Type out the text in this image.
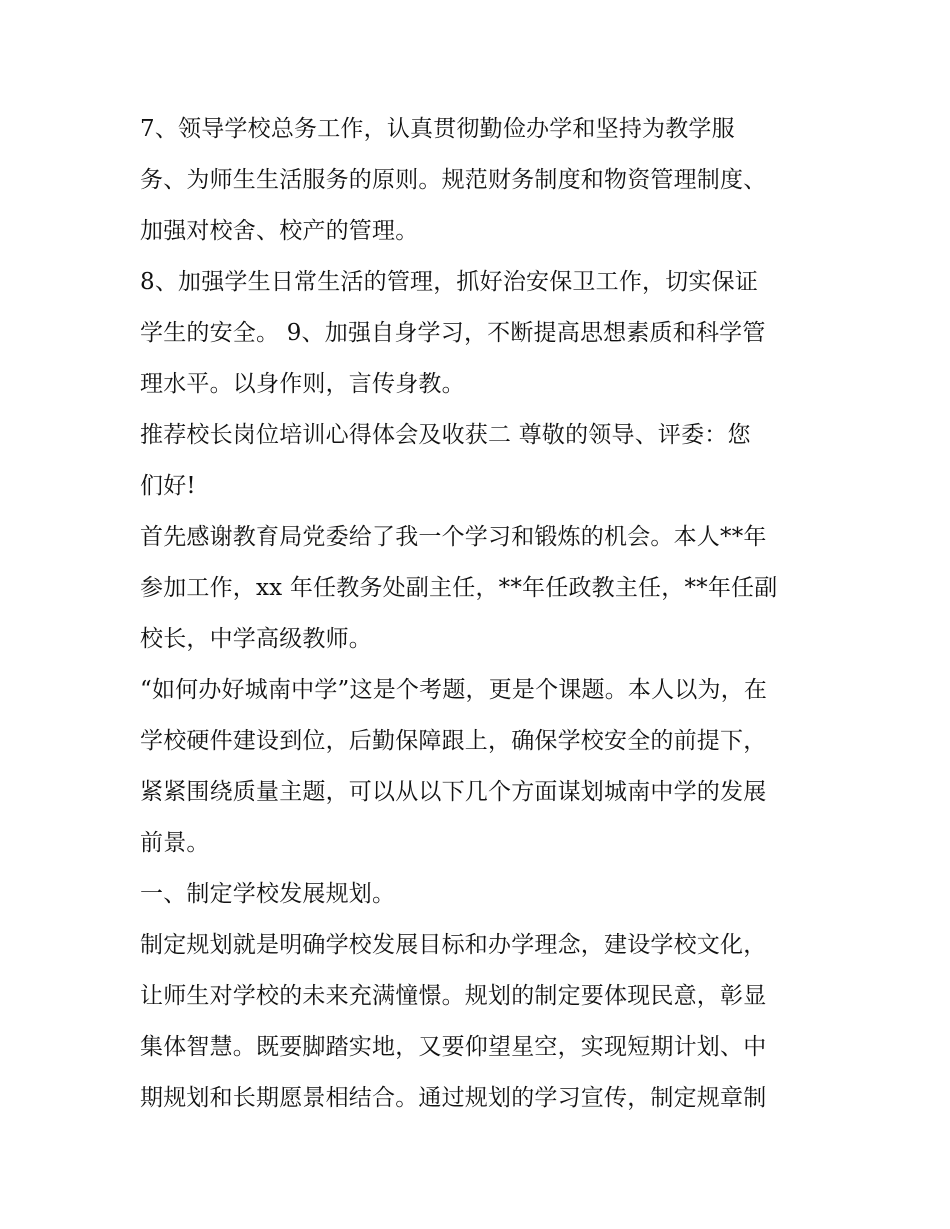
7、领导学校总务工作，认真贯彻勤俭办学和坚持为教学服
务、为师生生活服务的原则。规范财务制度和物资管理制度、
加强对校舍、校产的管理。
8、加强学生日常生活的管理，抓好治安保卫工作，切实保证
学生的安全。 9、加强自身学习，不断提高思想素质和科学管
理水平。以身作则，言传身教。
推荐校长岗位培训心得体会及收获二 尊敬的领导、评委：您
们好!
首先感谢教育局党委给了我一个学习和锻炼的机会。本人**年
参加工作，xx 年任教务处副主任，**年任政教主任，**年任副
校长，中学高级教师。
“如何办好城南中学”这是个考题，更是个课题。本人以为，在
学校硬件建设到位，后勤保障跟上，确保学校安全的前提下，
紧紧围绕质量主题，可以从以下几个方面谋划城南中学的发展
前景。
一、制定学校发展规划。
制定规划就是明确学校发展目标和办学理念，建设学校文化，
让师生对学校的未来充满憧憬。规划的制定要体现民意，彰显
集体智慧。既要脚踏实地，又要仰望星空，实现短期计划、中
期规划和长期愿景相结合。通过规划的学习宣传，制定规章制
